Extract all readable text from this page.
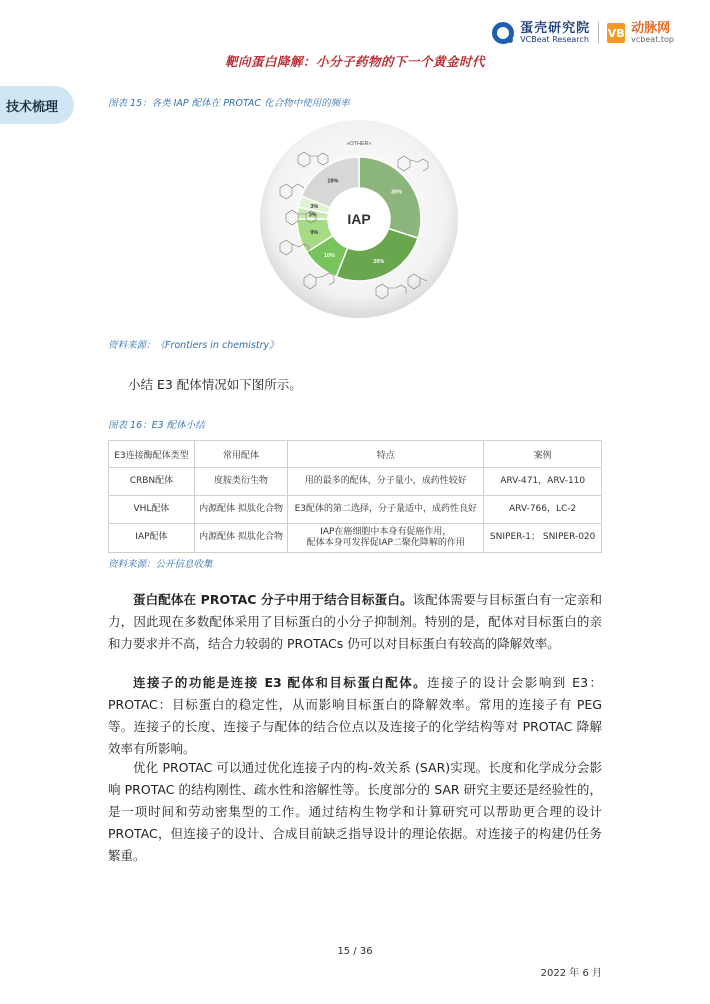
蛋壳研究院
VCBeat Research VB 动脉网
vcbeat.top
靶向蛋白降解：小分子药物的下一个黄金时代
技术梳理	图表 15：各类 IAP 配体在 PROTAC 化合物中使用的频率
30%
26%
10%
9%
3%
3%
19%
IAP
»OTHER«
资料来源：《Frontiers in chemistry》
小结 E3 配体情况如下图所示。
图表 16：E3 配体小结
E3连接酶配体类型	常用配体	特点	案例
CRBN配体	度胺类衍生物	用的最多的配体，分子量小，成药性较好	ARV-471，ARV-110
VHL配体	内源配体 拟肽化合物	E3配体的第二选择，分子量适中，成药性良好	ARV-766，LC-2
IAP配体	内源配体 拟肽化合物	IAP在癌细胞中本身有促癌作用，
配体本身可发挥促IAP二聚化降解的作用	SNIPER-1； SNIPER-020
资料来源：公开信息收集
蛋白配体在 PROTAC 分子中用于结合目标蛋白。该配体需要与目标蛋白有一定亲和力，因此现在多数配体采用了目标蛋白的小分子抑制剂。特别的是，配体对目标蛋白的亲和力要求并不高，结合力较弱的 PROTACs 仍可以对目标蛋白有较高的降解效率。
连接子的功能是连接 E3 配体和目标蛋白配体。连接子的设计会影响到 E3：PROTAC：目标蛋白的稳定性，从而影响目标蛋白的降解效率。常用的连接子有 PEG 等。连接子的长度、连接子与配体的结合位点以及连接子的化学结构等对 PROTAC 降解效率有所影响。
优化 PROTAC 可以通过优化连接子内的构-效关系 (SAR)实现。长度和化学成分会影响 PROTAC 的结构刚性、疏水性和溶解性等。长度部分的 SAR 研究主要还是经验性的，是一项时间和劳动密集型的工作。通过结构生物学和计算研究可以帮助更合理的设计 PROTAC，但连接子的设计、合成目前缺乏指导设计的理论依据。对连接子的构建仍任务繁重。
15 / 36
2022 年 6 月
